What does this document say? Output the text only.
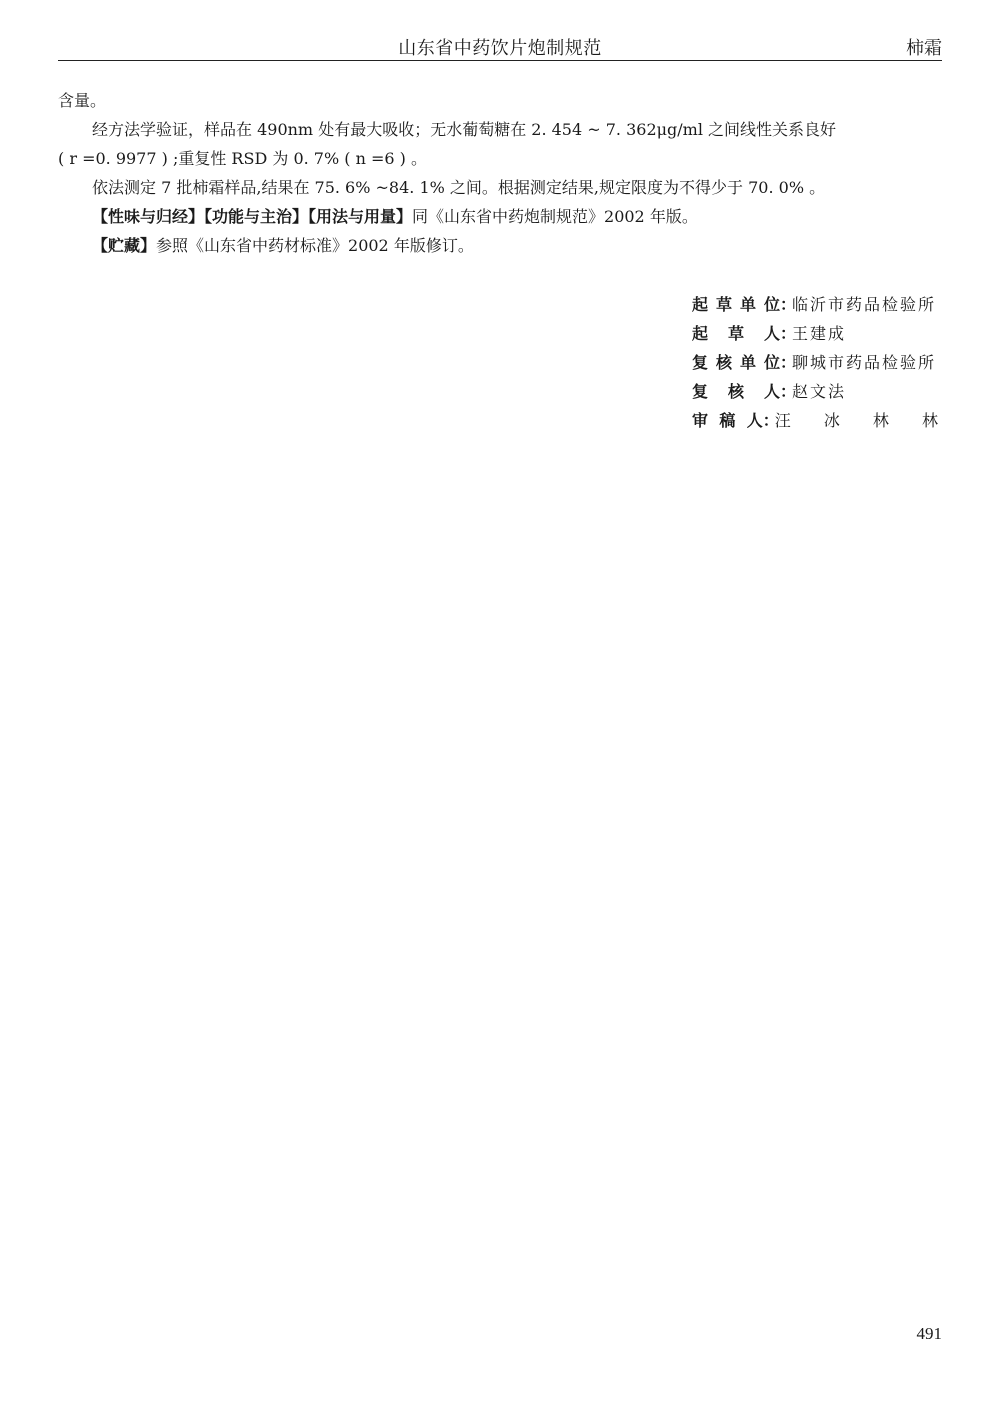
山东省中药饮片炮制规范	柿霜

含量。

经方法学验证，样品在 490nm 处有最大吸收；无水葡萄糖在 2. 454 ~ 7. 362μg/ml 之间线性关系良好

( r =0. 9977 ) ;重复性 RSD 为 0. 7% ( n =6 ) 。

依法测定 7 批柿霜样品,结果在 75. 6% ~84. 1% 之间。根据测定结果,规定限度为不得少于 70. 0% 。

【性味与归经】【功能与主治】【用法与用量】同《山东省中药炮制规范》2002 年版。

【贮藏】参照《山东省中药材标准》2002 年版修订。

起草单位 ：
临沂市药品检验所
起 草 人 ：
王建成
复核单位 ：
聊城市药品检验所
复 核 人 ：
赵文法
审 稿 人 ：
汪 冰 林 林
491
